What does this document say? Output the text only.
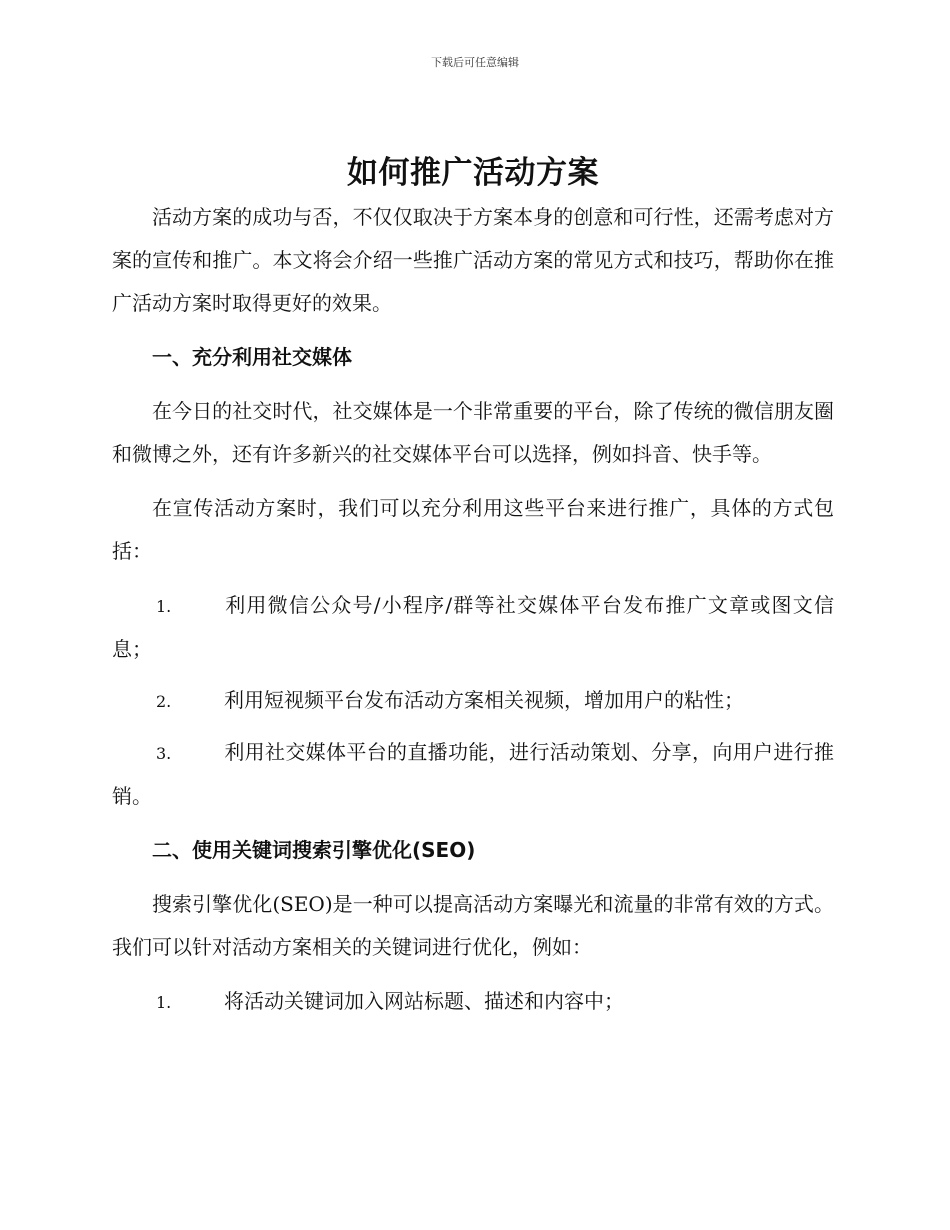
下载后可任意编辑
如何推广活动方案

活动方案的成功与否，不仅仅取决于方案本身的创意和可行性，还需考虑对方案的宣传和推广。本文将会介绍一些推广活动方案的常见方式和技巧，帮助你在推广活动方案时取得更好的效果。

一、充分利用社交媒体

在今日的社交时代，社交媒体是一个非常重要的平台，除了传统的微信朋友圈和微博之外，还有许多新兴的社交媒体平台可以选择，例如抖音、快手等。

在宣传活动方案时，我们可以充分利用这些平台来进行推广，具体的方式包括：

1.	利用微信公众号/小程序/群等社交媒体平台发布推广文章或图文信息；

2.	利用短视频平台发布活动方案相关视频，增加用户的粘性；

3.	利用社交媒体平台的直播功能，进行活动策划、分享，向用户进行推销。

二、使用关键词搜索引擎优化(SEO)

搜索引擎优化(SEO)是一种可以提高活动方案曝光和流量的非常有效的方式。我们可以针对活动方案相关的关键词进行优化，例如：

1.	将活动关键词加入网站标题、描述和内容中；
